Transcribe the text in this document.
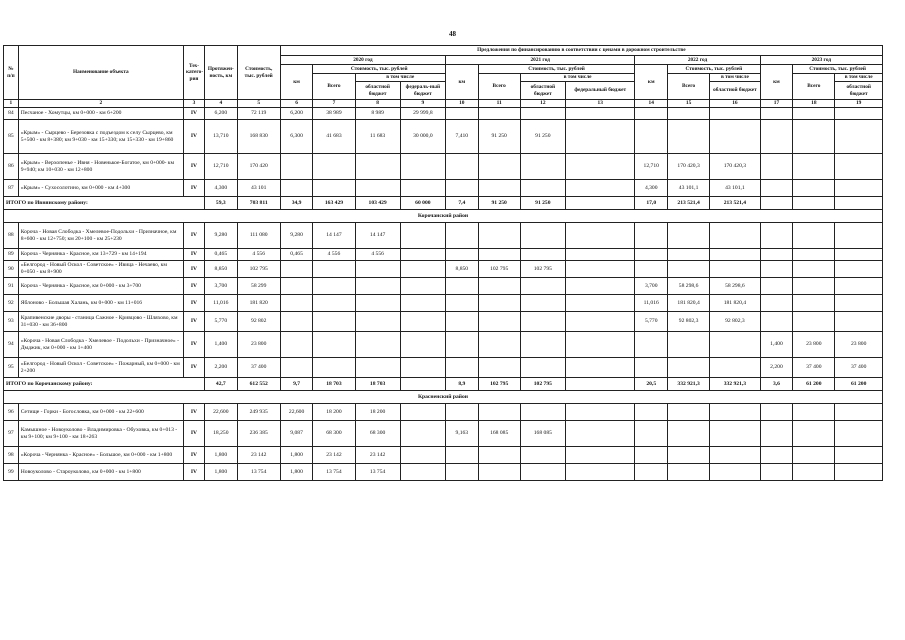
48
№ п/п	Наименование объекта	Тех-катего-рия	Протяжен-ность, км	Стоимость, тыс. рублей	Предложения по финансированию в соответствии с ценами в дорожном строительстве													
					2020 год				2021 год				2022 год			2023 год		
					км	Стоимость, тыс. рублей			км	Стоимость, тыс. рублей			км	Стоимость, тыс. рублей		км	Стоимость, тыс. рублей	
						Всего	в том числе			Всего	в том числе			Всего	в том числе		Всего	в том числе
							областной бюджет	федераль-ный бюджет			областной бюджет	федеральный бюджет			областной бюджет			областной бюджет
1	2	3	4	5	6	7	8	9	10	11	12	13	14	15	16	17	18	19
84	Песчаное - Хомутцы, км 0+000 - км 6+200	IV	6,200	72 119	6,200	38 989	8 989	29 999,8										
85	«Крым» - Сырцево - Березовка с подъездом к селу Сырцево, км 5+500 - км 8+380; км 9+030 - км 15+330; км 15+330 - км 19+860	IV	13,710	168 830	6,300	41 683	11 683	30 000,0	7,410	91 250	91 250							
86	«Крым» - Верхопенье - Ивня - Новенькое-Богатое, км 0+000- км 9+940; км 10+030 - км 12+800	IV	12,710	170 420									12,710	170 420,3	170 420,3			
87	«Крым» - Сухосолотино, км 0+000 - км 4+300	IV	4,300	43 101									4,300	43 101,1	43 101,1			
ИТОГО по Ивнянскому району:			59,3	703 811	34,9	163 429	103 429	60 000	7,4	91 250	91 250		17,0	213 521,4	213 521,4			
Корочанский район																		
88	Короча - Новая Слободка - Хмелевое-Подольхи - Призначное, км 8+600 - км 12+750; км 20+100 - км 25+230	IV	9,280	111 080	9,280	14 147	14 147											
89	Короча - Чернянка - Красное, км 13+729 - км 14+194	IV	0,465	4 556	0,465	4 556	4 556											
90	«Белгород - Новый Оскол - Советское» - Ивица - Нечаево, км 0+050 - км 8+900	IV	8,850	102 795					8,850	102 795	102 795							
91	Короча - Чернянка - Красное, км 0+000 - км 3+700	IV	3,700	58 299									3,700	58 298,6	58 298,6			
92	Яблоново - Большая Халань, км 0+000 - км 11+016	IV	11,016	181 820									11,016	181 820,4	181 820,4			
93	Крапивенские дворы - станица Сажное - Кривцово - Шляхово, км 31+030 - км 36+800	IV	5,770	92 802									5,770	92 802,3	92 802,3			
94	«Короча - Новая Слободка - Хмелевое - Подольхи - Призначное» - Дмджик, км 0+000 - км 1+400	IV	1,400	23 800												1,400	23 800	23 800
95	«Белгород - Новый Оскол - Советское» - Пожарный, км 0+000 - км 2+200	IV	2,200	37 400												2,200	37 400	37 400
ИТОГО по Корочанскому району:			42,7	612 552	9,7	18 703	18 703		8,9	102 795	102 795		20,5	332 921,3	332 921,3	3,6	61 200	61 200
Красненский район																		
96	Сетище - Горки - Богословка, км 0+000 - км 22+600	IV	22,600	249 935	22,600	18 200	18 200											
97	Камышное - Новоуколово - Владимировка - Обуховка, км 0+013 - км 9+100; км 9+100 - км 18+263	IV	18,250	236 385	9,087	68 300	68 300		9,163	168 085	168 085							
98	«Короча - Чернянка - Красное» - Большое, км 0+000 - км 1+800	IV	1,800	23 142	1,800	23 142	23 142											
99	Новоуколово - Староуколово, км 0+000 - км 1+800	IV	1,800	13 754	1,800	13 754	13 754											
